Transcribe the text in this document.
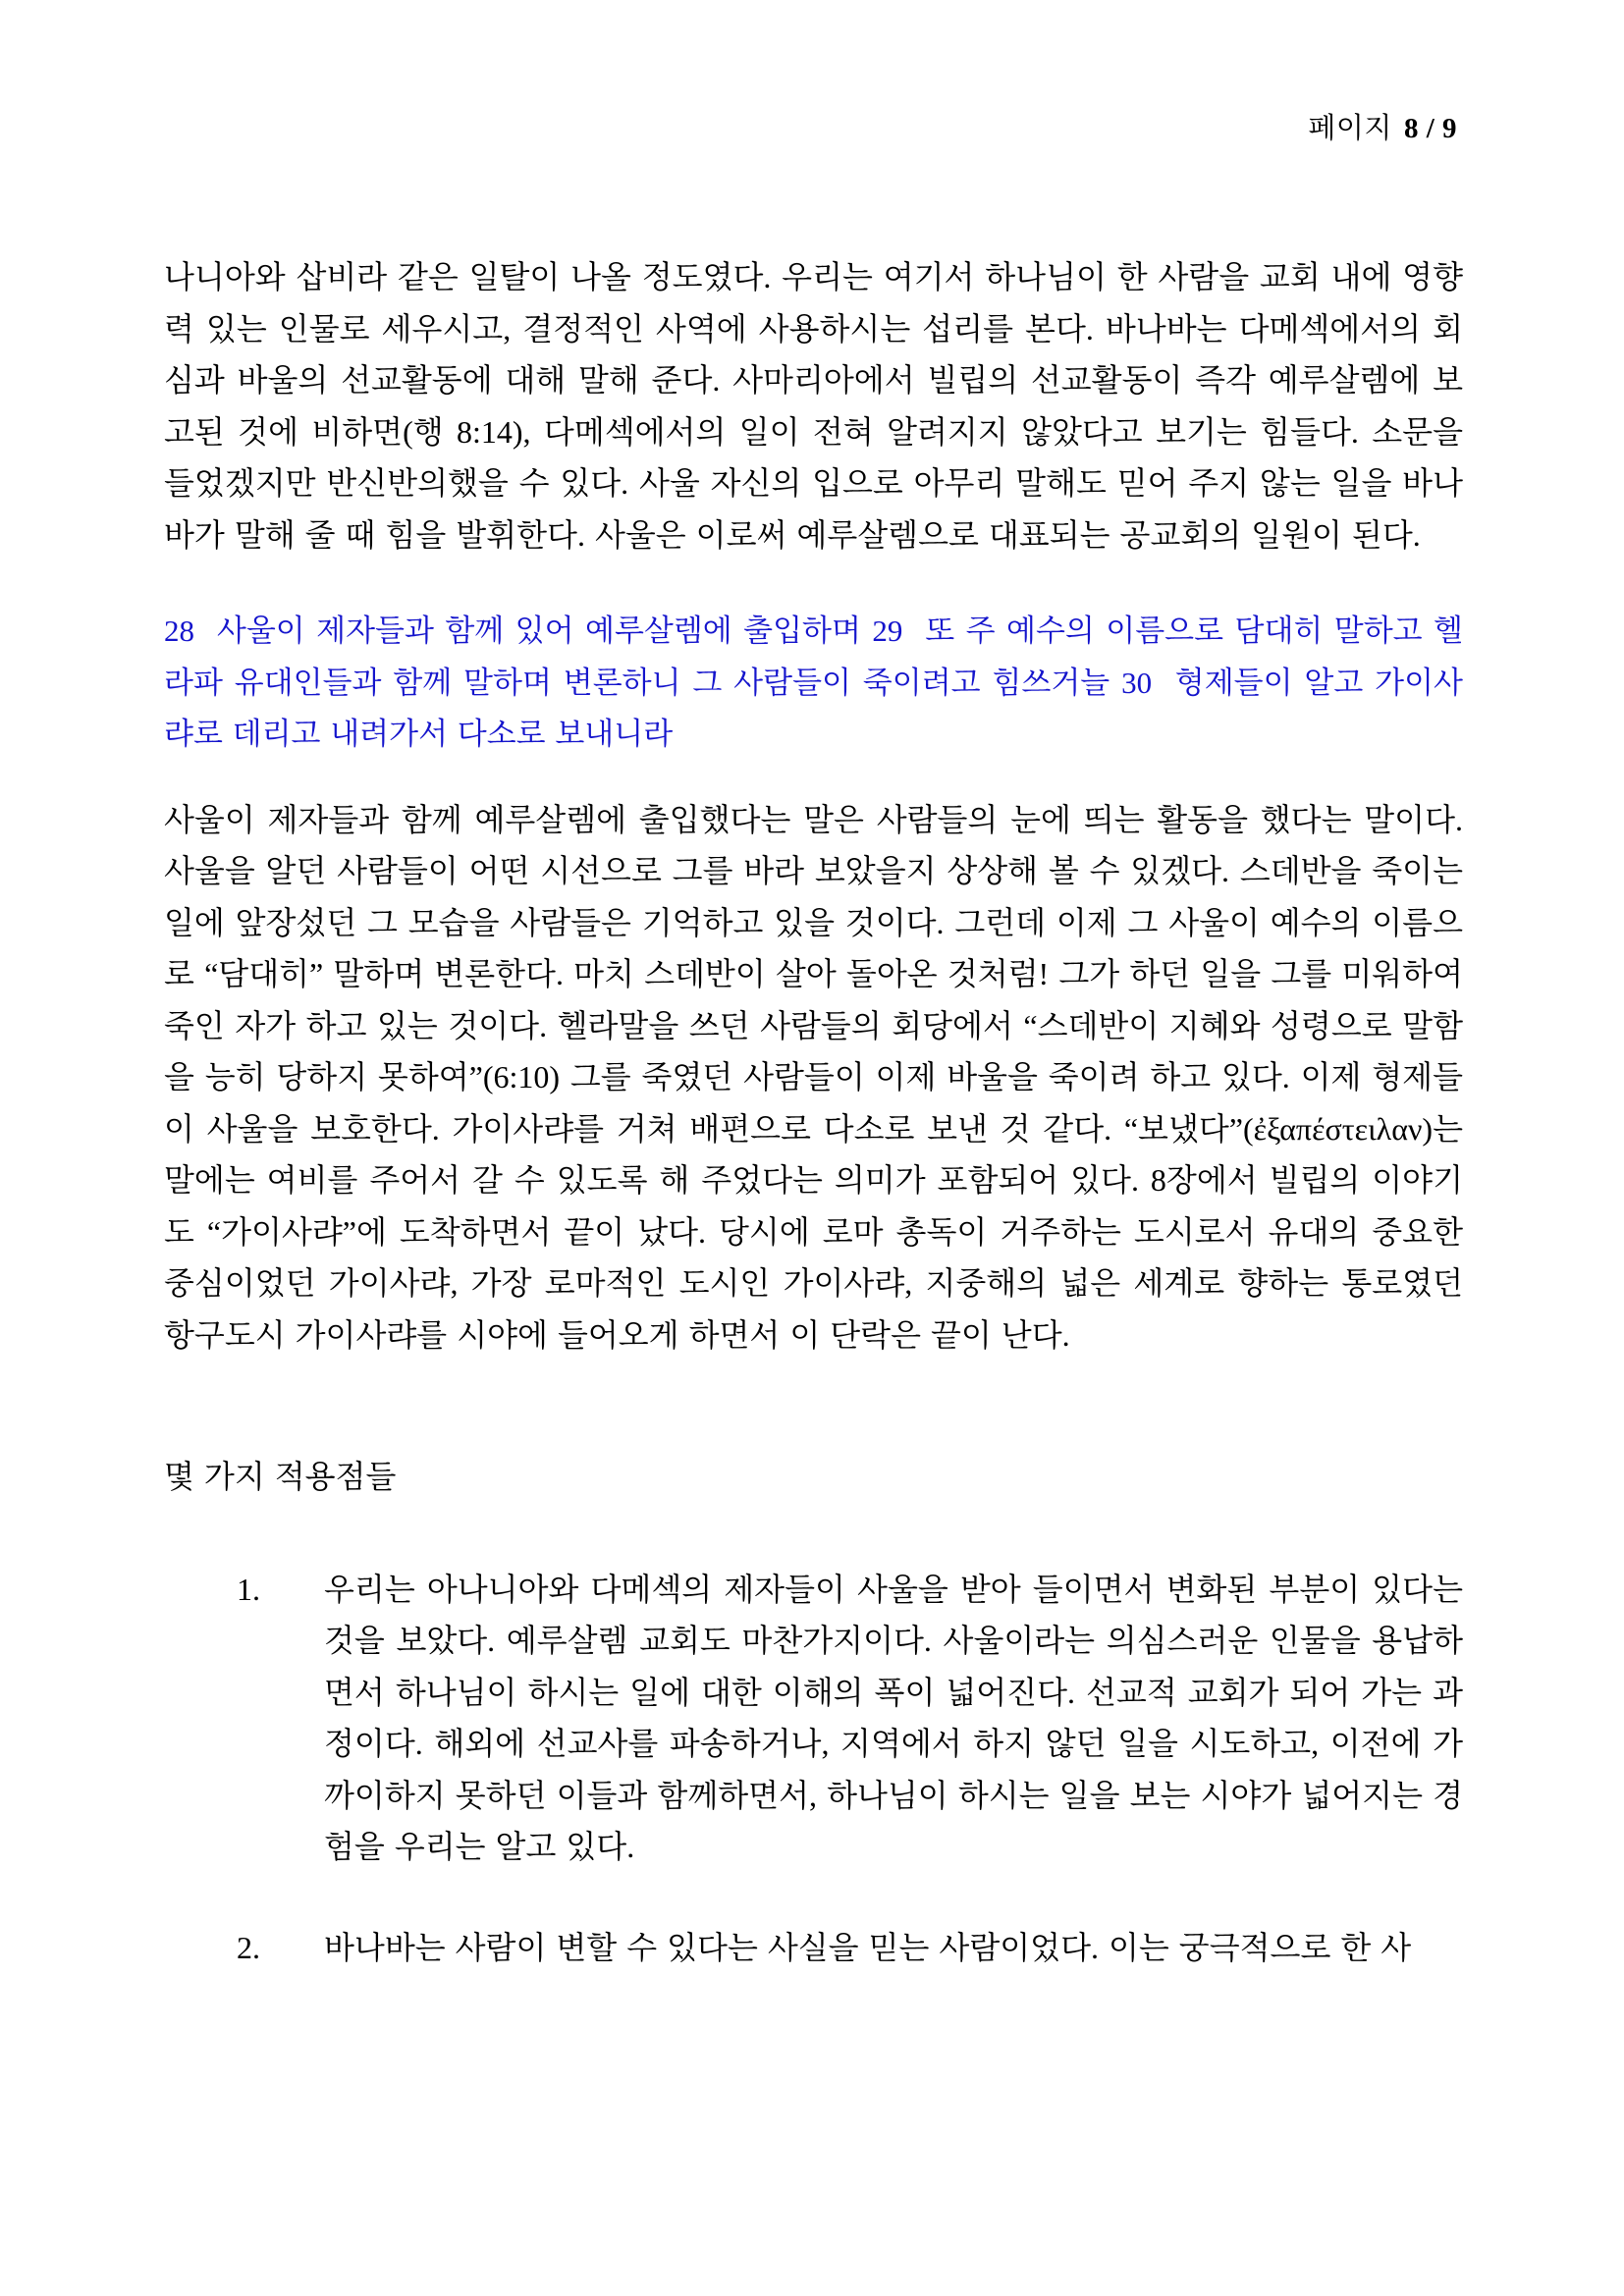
페이지 8 / 9

나니아와 삽비라 같은 일탈이 나올 정도였다. 우리는 여기서 하나님이 한 사람을 교회 내에 영향력 있는 인물로 세우시고, 결정적인 사역에 사용하시는 섭리를 본다. 바나바는 다메섹에서의 회심과 바울의 선교활동에 대해 말해 준다. 사마리아에서 빌립의 선교활동이 즉각 예루살렘에 보고된 것에 비하면(행 8:14), 다메섹에서의 일이 전혀 알려지지 않았다고 보기는 힘들다. 소문을 들었겠지만 반신반의했을 수 있다. 사울 자신의 입으로 아무리 말해도 믿어 주지 않는 일을 바나바가 말해 줄 때 힘을 발휘한다. 사울은 이로써 예루살렘으로 대표되는 공교회의 일원이 된다.

28  사울이 제자들과 함께 있어 예루살렘에 출입하며 29  또 주 예수의 이름으로 담대히 말하고 헬라파 유대인들과 함께 말하며 변론하니 그 사람들이 죽이려고 힘쓰거늘 30  형제들이 알고 가이사랴로 데리고 내려가서 다소로 보내니라

사울이 제자들과 함께 예루살렘에 출입했다는 말은 사람들의 눈에 띄는 활동을 했다는 말이다. 사울을 알던 사람들이 어떤 시선으로 그를 바라 보았을지 상상해 볼 수 있겠다. 스데반을 죽이는 일에 앞장섰던 그 모습을 사람들은 기억하고 있을 것이다. 그런데 이제 그 사울이 예수의 이름으로 “담대히” 말하며 변론한다. 마치 스데반이 살아 돌아온 것처럼! 그가 하던 일을 그를 미워하여 죽인 자가 하고 있는 것이다. 헬라말을 쓰던 사람들의 회당에서 “스데반이 지혜와 성령으로 말함을 능히 당하지 못하여”(6:10) 그를 죽였던 사람들이 이제 바울을 죽이려 하고 있다. 이제 형제들이 사울을 보호한다. 가이사랴를 거쳐 배편으로 다소로 보낸 것 같다. “보냈다”(ἐξαπέστειλαν)는 말에는 여비를 주어서 갈 수 있도록 해 주었다는 의미가 포함되어 있다. 8장에서 빌립의 이야기도 “가이사랴”에 도착하면서 끝이 났다. 당시에 로마 총독이 거주하는 도시로서 유대의 중요한 중심이었던 가이사랴, 가장 로마적인 도시인 가이사랴, 지중해의 넓은 세계로 향하는 통로였던 항구도시 가이사랴를 시야에 들어오게 하면서 이 단락은 끝이 난다.

몇 가지 적용점들
1.	우리는 아나니아와 다메섹의 제자들이 사울을 받아 들이면서 변화된 부분이 있다는 것을 보았다. 예루살렘 교회도 마찬가지이다. 사울이라는 의심스러운 인물을 용납하면서 하나님이 하시는 일에 대한 이해의 폭이 넓어진다. 선교적 교회가 되어 가는 과정이다. 해외에 선교사를 파송하거나, 지역에서 하지 않던 일을 시도하고, 이전에 가까이하지 못하던 이들과 함께하면서, 하나님이 하시는 일을 보는 시야가 넓어지는 경험을 우리는 알고 있다.
2.	바나바는 사람이 변할 수 있다는 사실을 믿는 사람이었다. 이는 궁극적으로 한 사
